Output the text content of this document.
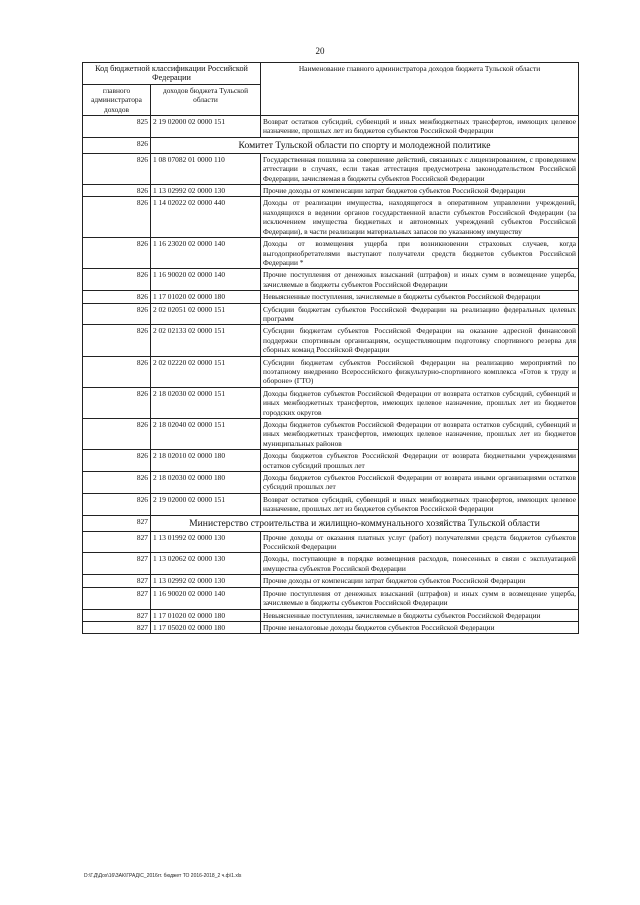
20
Код бюджетной классификации Российской Федерации		Наименование главного администратора доходов бюджета Тульской области
главного администратора доходов	доходов бюджета Тульской области	
825	2 19 02000 02 0000 151	Возврат остатков субсидий, субвенций и иных межбюджетных трансфертов, имеющих целевое назначение, прошлых лет из бюджетов субъектов Российской Федерации
826	Комитет Тульской области по спорту и молодежной политике	
826	1 08 07082 01 0000 110	Государственная пошлина за совершение действий, связанных с лицензированием, с проведением аттестации в случаях, если такая аттестация предусмотрена законодательством Российской Федерации, зачисляемая в бюджеты субъектов Российской Федерации
826	1 13 02992 02 0000 130	Прочие доходы от компенсации затрат бюджетов субъектов Российской Федерации
826	1 14 02022 02 0000 440	Доходы от реализации имущества, находящегося в оперативном управлении учреждений, находящихся в ведении органов государственной власти субъектов Российской Федерации (за исключением имущества бюджетных и автономных учреждений субъектов Российской Федерации), в части реализации материальных запасов по указанному имуществу
826	1 16 23020 02 0000 140	Доходы от возмещения ущерба при возникновении страховых случаев, когда выгодоприобретателями выступают получатели средств бюджетов субъектов Российской Федерации *
826	1 16 90020 02 0000 140	Прочие поступления от денежных взысканий (штрафов) и иных сумм в возмещение ущерба, зачисляемые в бюджеты субъектов Российской Федерации
826	1 17 01020 02 0000 180	Невыясненные поступления, зачисляемые в бюджеты субъектов Российской Федерации
826	2 02 02051 02 0000 151	Субсидии бюджетам субъектов Российской Федерации на реализацию федеральных целевых программ
826	2 02 02133 02 0000 151	Субсидии бюджетам субъектов Российской Федерации на оказание адресной финансовой поддержки спортивным организациям, осуществляющим подготовку спортивного резерва для сборных команд Российской Федерации
826	2 02 02220 02 0000 151	Субсидии бюджетам субъектов Российской Федерации на реализацию мероприятий по поэтапному внедрению Всероссийского физкультурно-спортивного комплекса «Готов к труду и обороне» (ГТО)
826	2 18 02030 02 0000 151	Доходы бюджетов субъектов Российской Федерации от возврата остатков субсидий, субвенций и иных межбюджетных трансфертов, имеющих целевое назначение, прошлых лет из бюджетов городских округов
826	2 18 02040 02 0000 151	Доходы бюджетов субъектов Российской Федерации от возврата остатков субсидий, субвенций и иных межбюджетных трансфертов, имеющих целевое назначение, прошлых лет из бюджетов муниципальных районов
826	2 18 02010 02 0000 180	Доходы бюджетов субъектов Российской Федерации от возврата бюджетными учреждениями остатков субсидий прошлых лет
826	2 18 02030 02 0000 180	Доходы бюджетов субъектов Российской Федерации от возврата иными организациями остатков субсидий прошлых лет
826	2 19 02000 02 0000 151	Возврат остатков субсидий, субвенций и иных межбюджетных трансфертов, имеющих целевое назначение, прошлых лет из бюджетов субъектов Российской Федерации
827	Министерство строительства и жилищно-коммунального хозяйства Тульской области	
827	1 13 01992 02 0000 130	Прочие доходы от оказания платных услуг (работ) получателями средств бюджетов субъектов Российской Федерации
827	1 13 02062 02 0000 130	Доходы, поступающие в порядке возмещения расходов, понесенных в связи с эксплуатацией имущества субъектов Российской Федерации
827	1 13 02992 02 0000 130	Прочие доходы от компенсации затрат бюджетов субъектов Российской Федерации
827	1 16 90020 02 0000 140	Прочие поступления от денежных взысканий (штрафов) и иных сумм в возмещение ущерба, зачисляемые в бюджеты субъектов Российской Федерации
827	1 17 01020 02 0000 180	Невыясненные поступления, зачисляемые в бюджеты субъектов Российской Федерации
827	1 17 05020 02 0000 180	Прочие неналоговые доходы бюджетов субъектов Российской Федерации
D:\Г.Д\Дох\16\ЗАК\ГРАД\С_2016гг. бюджет ТО 2016-2018_2 ч.ф\1.xls
